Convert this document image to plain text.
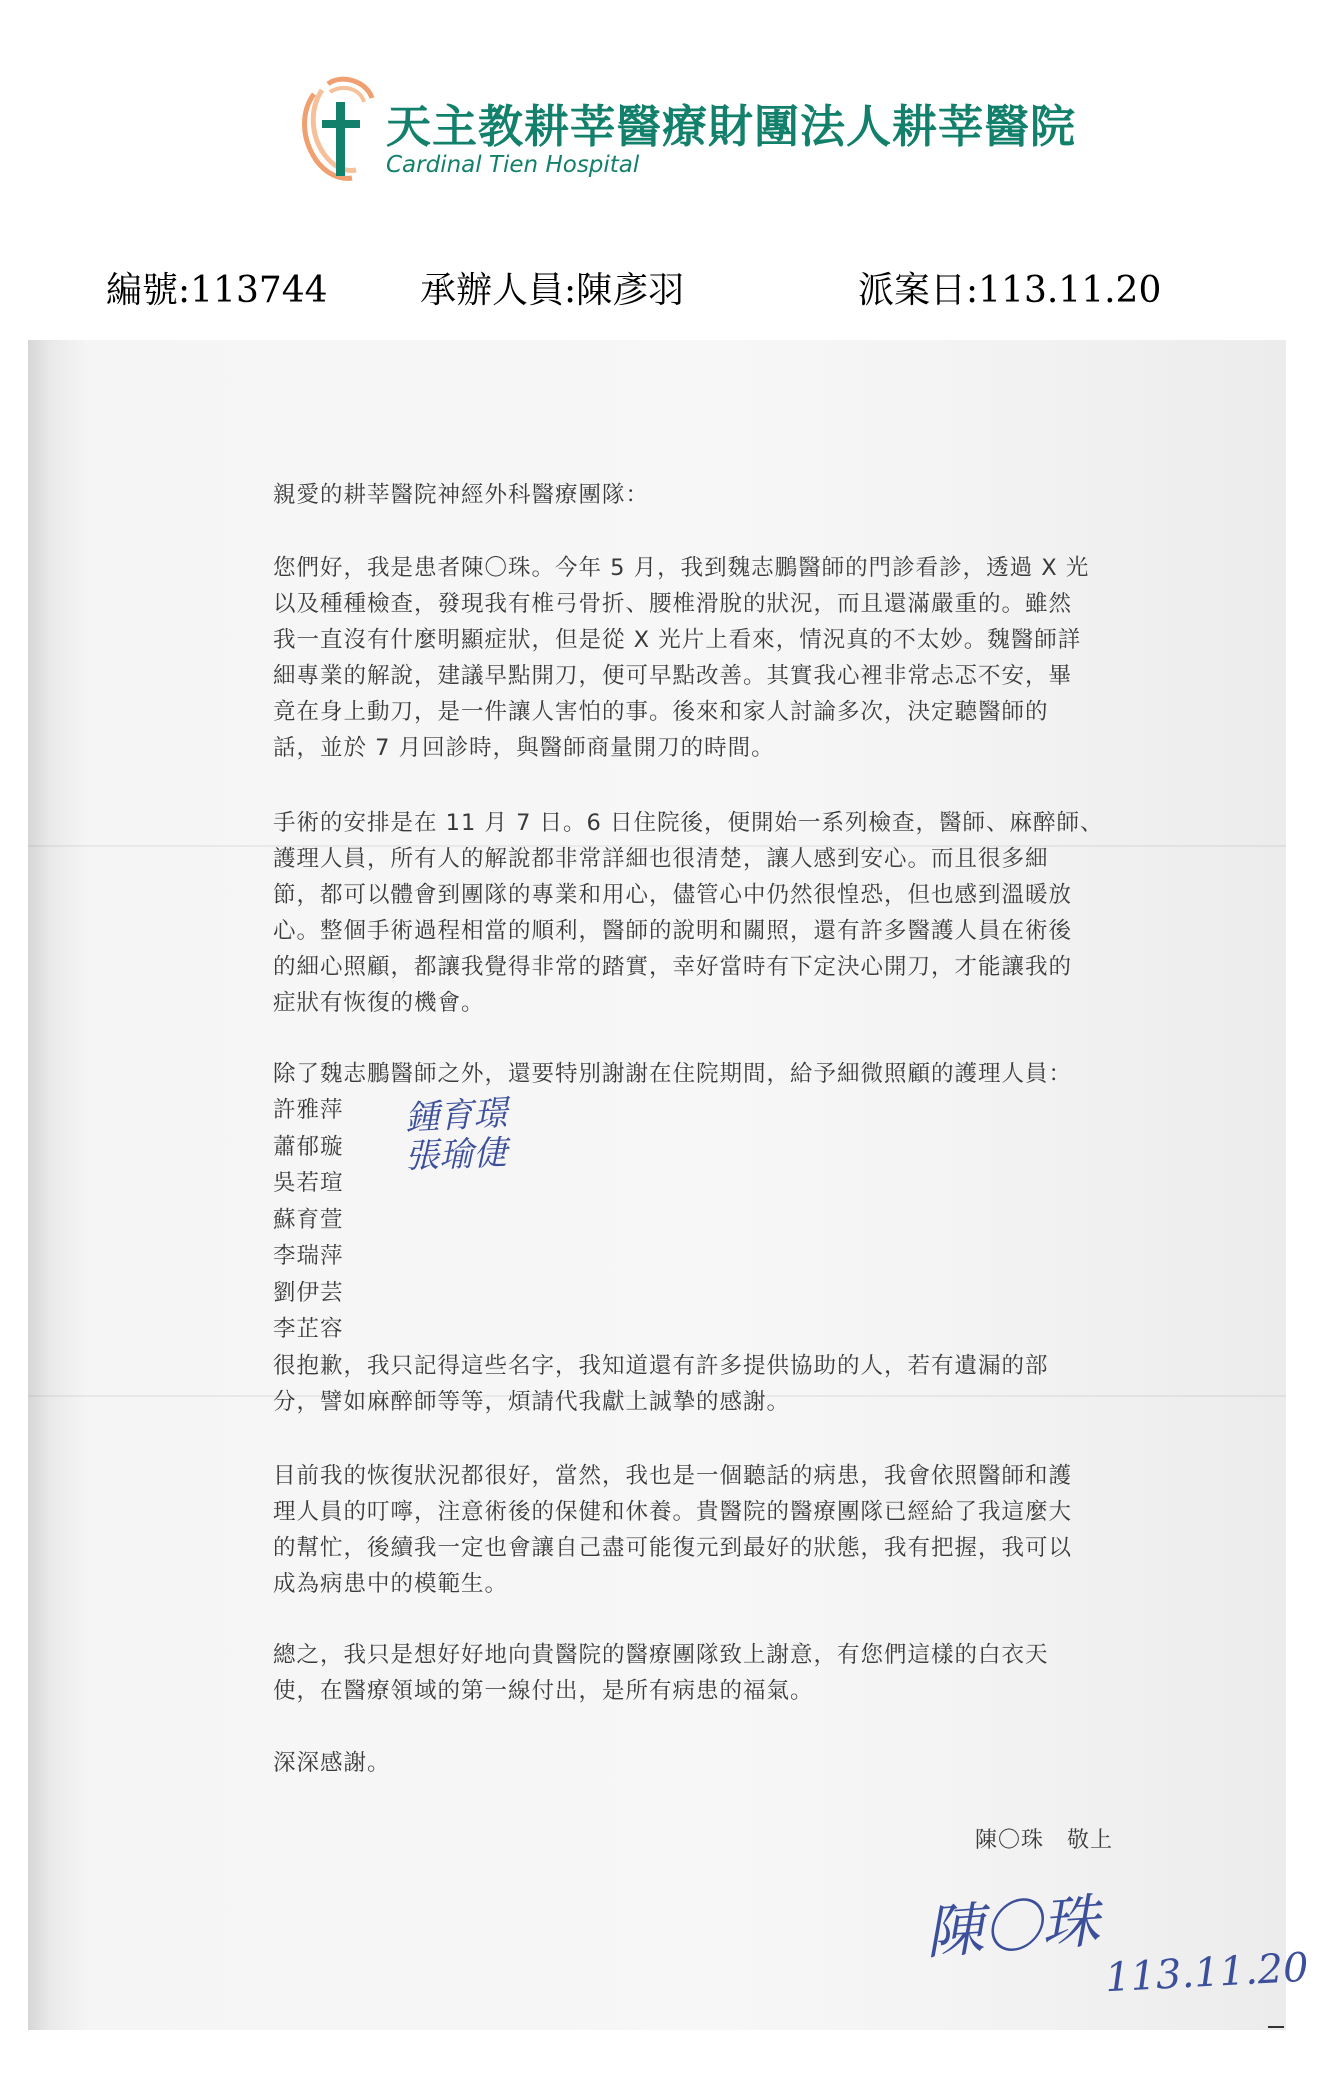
天主教耕莘醫療財團法人耕莘醫院
Cardinal Tien Hospital
編號:113744	承辦人員:陳彥羽	派案日:113.11.20

親愛的耕莘醫院神經外科醫療團隊：

您們好，我是患者陳〇珠。今年 5 月，我到魏志鵬醫師的門診看診，透過 X 光

以及種種檢查，發現我有椎弓骨折、腰椎滑脫的狀況，而且還滿嚴重的。雖然

我一直沒有什麼明顯症狀，但是從 X 光片上看來，情況真的不太妙。魏醫師詳

細專業的解說，建議早點開刀，便可早點改善。其實我心裡非常忐忑不安，畢

竟在身上動刀，是一件讓人害怕的事。後來和家人討論多次，決定聽醫師的

話，並於 7 月回診時，與醫師商量開刀的時間。

手術的安排是在 11 月 7 日。6 日住院後，便開始一系列檢查，醫師、麻醉師、

護理人員，所有人的解說都非常詳細也很清楚，讓人感到安心。而且很多細

節，都可以體會到團隊的專業和用心，儘管心中仍然很惶恐，但也感到溫暖放

心。整個手術過程相當的順利，醫師的說明和關照，還有許多醫護人員在術後

的細心照顧，都讓我覺得非常的踏實，幸好當時有下定決心開刀，才能讓我的

症狀有恢復的機會。

除了魏志鵬醫師之外，還要特別謝謝在住院期間，給予細微照顧的護理人員：

許雅萍
蕭郁璇
吳若瑄
蘇育萱
李瑞萍
劉伊芸
李芷容
鍾育璟
張瑜倢

很抱歉，我只記得這些名字，我知道還有許多提供協助的人，若有遺漏的部

分，譬如麻醉師等等，煩請代我獻上誠摯的感謝。

目前我的恢復狀況都很好，當然，我也是一個聽話的病患，我會依照醫師和護

理人員的叮嚀，注意術後的保健和休養。貴醫院的醫療團隊已經給了我這麼大

的幫忙，後續我一定也會讓自己盡可能復元到最好的狀態，我有把握，我可以

成為病患中的模範生。

總之，我只是想好好地向貴醫院的醫療團隊致上謝意，有您們這樣的白衣天

使，在醫療領域的第一線付出，是所有病患的福氣。

深深感謝。

陳〇珠　敬上
陳〇珠
113.11.20
